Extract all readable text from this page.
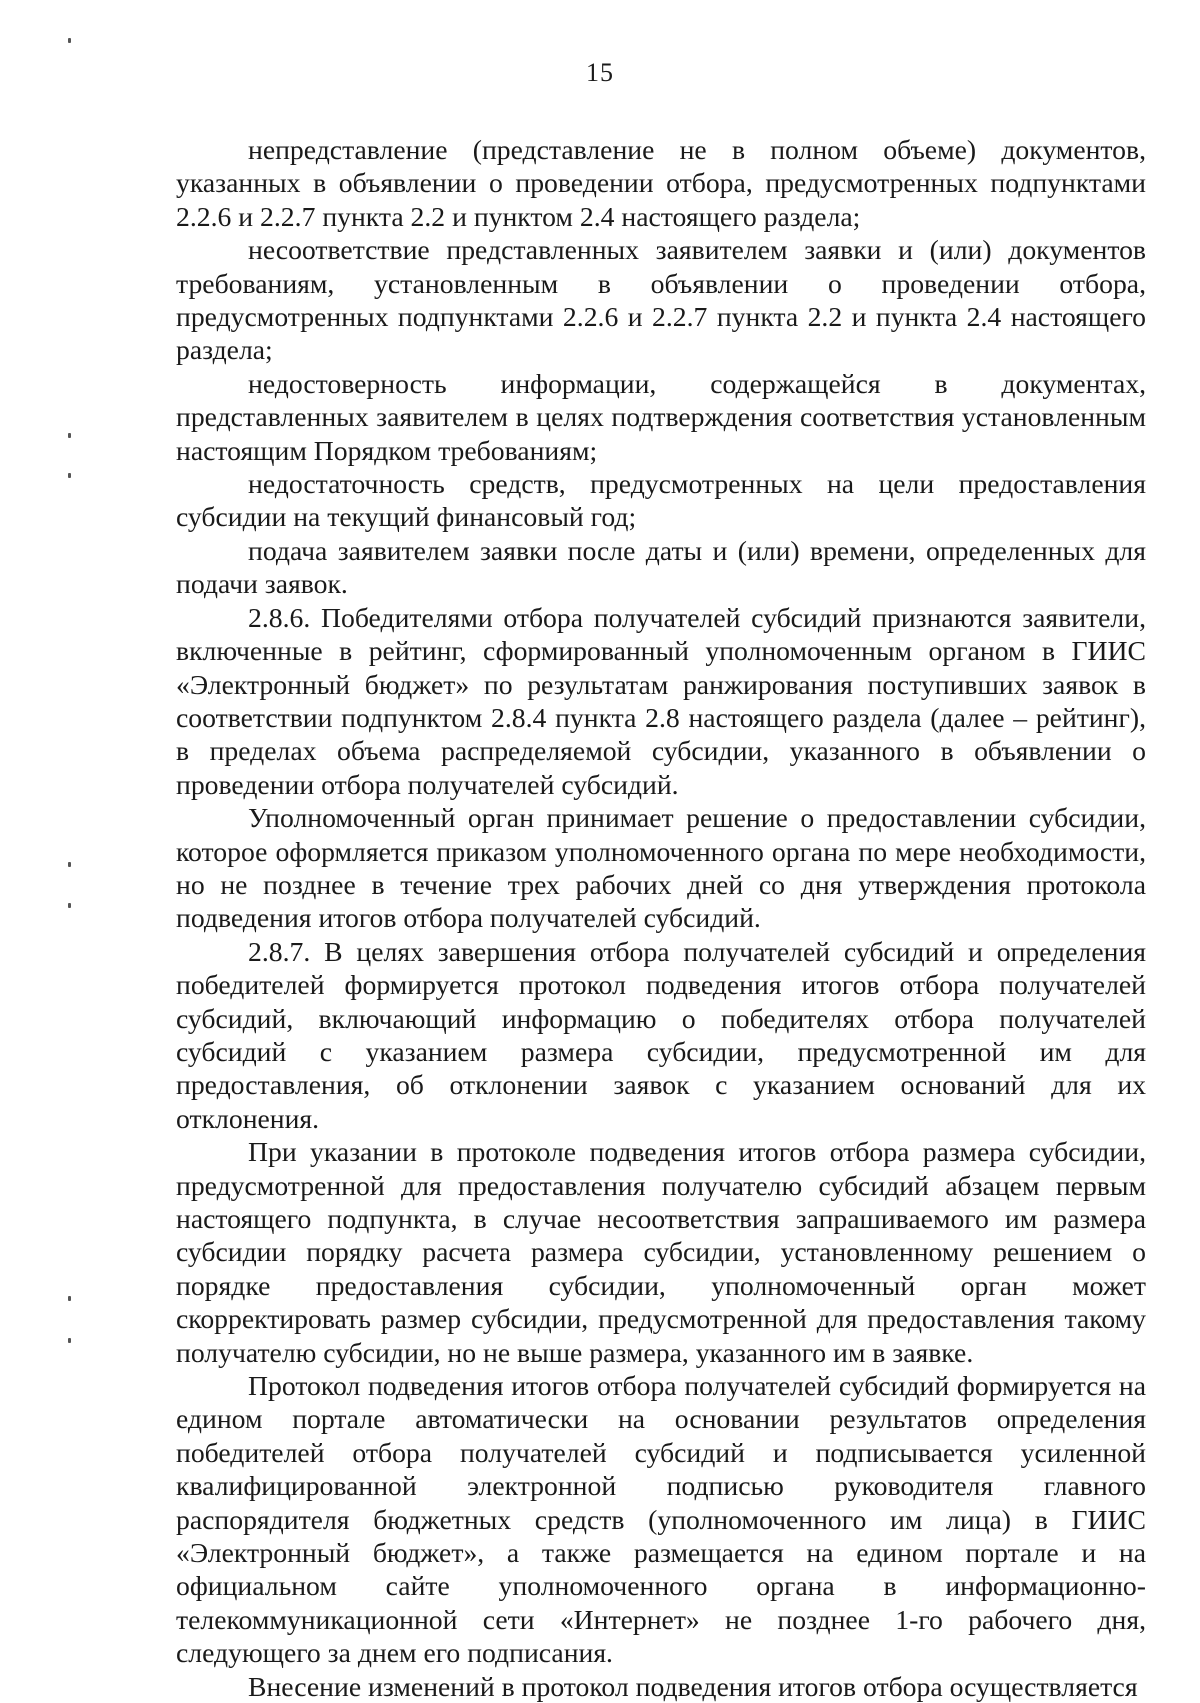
15

непредставление (представление не в полном объеме) документов, указанных в объявлении о проведении отбора, предусмотренных подпунктами 2.2.6 и 2.2.7 пункта 2.2 и пунктом 2.4 настоящего раздела;

несоответствие представленных заявителем заявки и (или) документов требованиям, установленным в объявлении о проведении отбора, предусмотренных подпунктами 2.2.6 и 2.2.7 пункта 2.2 и пункта 2.4 настоящего раздела;

недостоверность информации, содержащейся в документах, представленных заявителем в целях подтверждения соответствия установленным настоящим Порядком требованиям;

недостаточность средств, предусмотренных на цели предоставления субсидии на текущий финансовый год;

подача заявителем заявки после даты и (или) времени, определенных для подачи заявок.

2.8.6. Победителями отбора получателей субсидий признаются заявители, включенные в рейтинг, сформированный уполномоченным органом в ГИИС «Электронный бюджет» по результатам ранжирования поступивших заявок в соответствии подпунктом 2.8.4 пункта 2.8 настоящего раздела (далее – рейтинг), в пределах объема распределяемой субсидии, указанного в объявлении о проведении отбора получателей субсидий.

Уполномоченный орган принимает решение о предоставлении субсидии, которое оформляется приказом уполномоченного органа по мере необходимости, но не позднее в течение трех рабочих дней со дня утверждения протокола подведения итогов отбора получателей субсидий.

2.8.7. В целях завершения отбора получателей субсидий и определения победителей формируется протокол подведения итогов отбора получателей субсидий, включающий информацию о победителях отбора получателей субсидий с указанием размера субсидии, предусмотренной им для предоставления, об отклонении заявок с указанием оснований для их отклонения.

При указании в протоколе подведения итогов отбора размера субсидии, предусмотренной для предоставления получателю субсидий абзацем первым настоящего подпункта, в случае несоответствия запрашиваемого им размера субсидии порядку расчета размера субсидии, установленному решением о порядке предоставления субсидии, уполномоченный орган может скорректировать размер субсидии, предусмотренной для предоставления такому получателю субсидии, но не выше размера, указанного им в заявке.

Протокол подведения итогов отбора получателей субсидий формируется на едином портале автоматически на основании результатов определения победителей отбора получателей субсидий и подписывается усиленной квалифицированной электронной подписью руководителя главного распорядителя бюджетных средств (уполномоченного им лица) в ГИИС «Электронный бюджет», а также размещается на едином портале и на официальном сайте уполномоченного органа в информационно-телекоммуникационной сети «Интернет» не позднее 1-го рабочего дня, следующего за днем его подписания.

Внесение изменений в протокол подведения итогов отбора осуществляется
